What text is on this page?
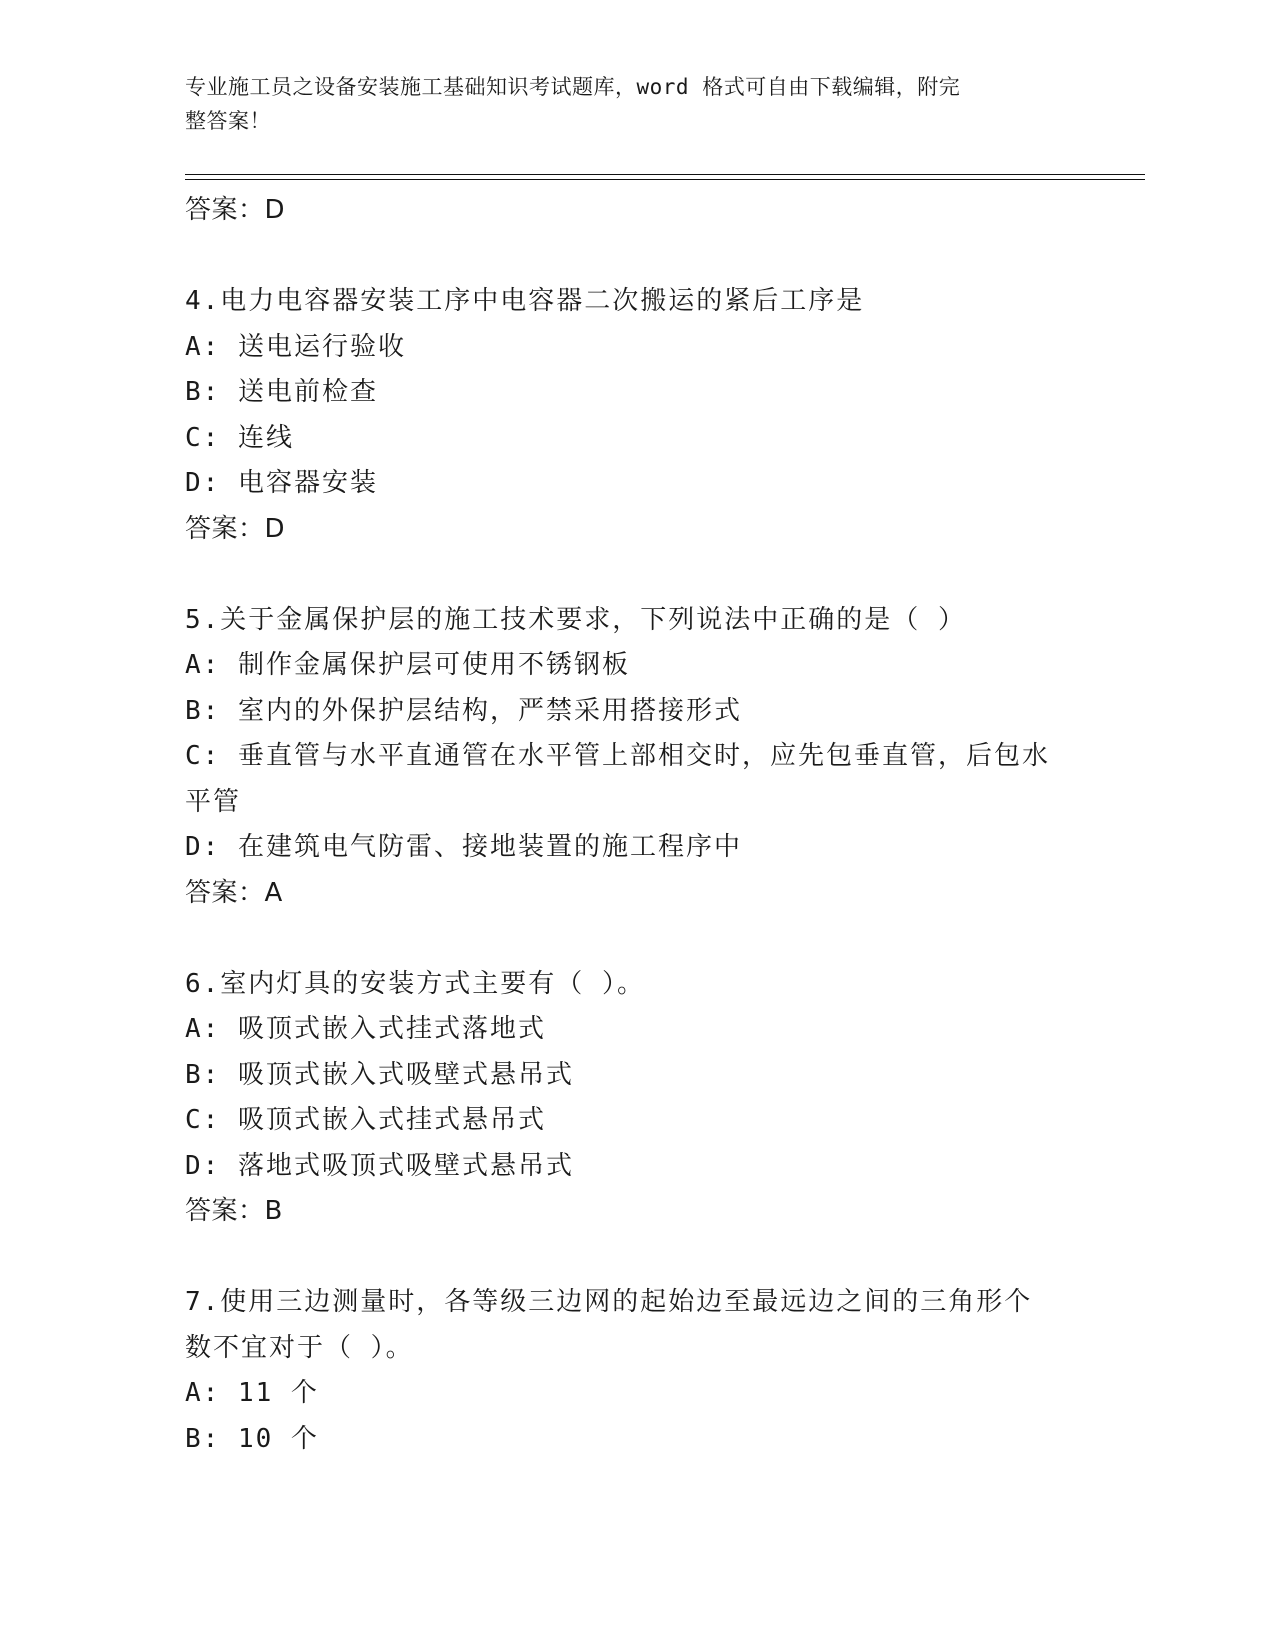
专业施工员之设备安装施工基础知识考试题库，word 格式可自由下载编辑，附完
整答案！
答案：D
4.电力电容器安装工序中电容器二次搬运的紧后工序是
A: 送电运行验收
B: 送电前检查
C: 连线
D: 电容器安装
答案：D
5.关于金属保护层的施工技术要求，下列说法中正确的是（ ）
A: 制作金属保护层可使用不锈钢板
B: 室内的外保护层结构，严禁采用搭接形式
C: 垂直管与水平直通管在水平管上部相交时，应先包垂直管，后包水
平管
D: 在建筑电气防雷、接地装置的施工程序中
答案：A
6.室内灯具的安装方式主要有（ ）。
A: 吸顶式嵌入式挂式落地式
B: 吸顶式嵌入式吸壁式悬吊式
C: 吸顶式嵌入式挂式悬吊式
D: 落地式吸顶式吸壁式悬吊式
答案：B
7.使用三边测量时，各等级三边网的起始边至最远边之间的三角形个
数不宜对于（ ）。
A: 11 个
B: 10 个
